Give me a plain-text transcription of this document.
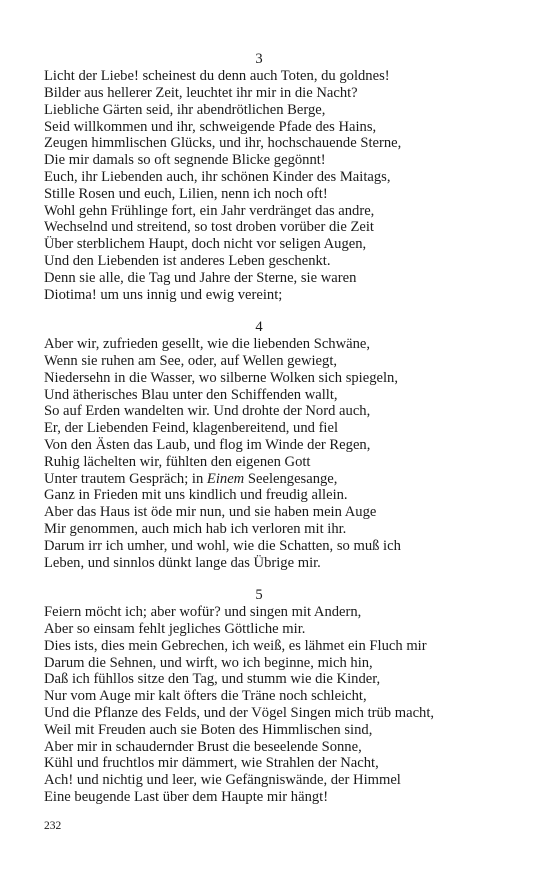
3
Licht der Liebe! scheinest du denn auch Toten, du goldnes!
Bilder aus hellerer Zeit, leuchtet ihr mir in die Nacht?
Liebliche Gärten seid, ihr abendrötlichen Berge,
Seid willkommen und ihr, schweigende Pfade des Hains,
Zeugen himmlischen Glücks, und ihr, hochschauende Sterne,
Die mir damals so oft segnende Blicke gegönnt!
Euch, ihr Liebenden auch, ihr schönen Kinder des Maitags,
Stille Rosen und euch, Lilien, nenn ich noch oft!
Wohl gehn Frühlinge fort, ein Jahr verdränget das andre,
Wechselnd und streitend, so tost droben vorüber die Zeit
Über sterblichem Haupt, doch nicht vor seligen Augen,
Und den Liebenden ist anderes Leben geschenkt.
Denn sie alle, die Tag und Jahre der Sterne, sie waren
Diotima! um uns innig und ewig vereint;
4
Aber wir, zufrieden gesellt, wie die liebenden Schwäne,
Wenn sie ruhen am See, oder, auf Wellen gewiegt,
Niedersehn in die Wasser, wo silberne Wolken sich spiegeln,
Und ätherisches Blau unter den Schiffenden wallt,
So auf Erden wandelten wir. Und drohte der Nord auch,
Er, der Liebenden Feind, klagenbereitend, und fiel
Von den Ästen das Laub, und flog im Winde der Regen,
Ruhig lächelten wir, fühlten den eigenen Gott
Unter trautem Gespräch; in Einem Seelengesange,
Ganz in Frieden mit uns kindlich und freudig allein.
Aber das Haus ist öde mir nun, und sie haben mein Auge
Mir genommen, auch mich hab ich verloren mit ihr.
Darum irr ich umher, und wohl, wie die Schatten, so muß ich
Leben, und sinnlos dünkt lange das Übrige mir.
5
Feiern möcht ich; aber wofür? und singen mit Andern,
Aber so einsam fehlt jegliches Göttliche mir.
Dies ists, dies mein Gebrechen, ich weiß, es lähmet ein Fluch mir
Darum die Sehnen, und wirft, wo ich beginne, mich hin,
Daß ich fühllos sitze den Tag, und stumm wie die Kinder,
Nur vom Auge mir kalt öfters die Träne noch schleicht,
Und die Pflanze des Felds, und der Vögel Singen mich trüb macht,
Weil mit Freuden auch sie Boten des Himmlischen sind,
Aber mir in schaudernder Brust die beseelende Sonne,
Kühl und fruchtlos mir dämmert, wie Strahlen der Nacht,
Ach! und nichtig und leer, wie Gefängniswände, der Himmel
Eine beugende Last über dem Haupte mir hängt!
232
